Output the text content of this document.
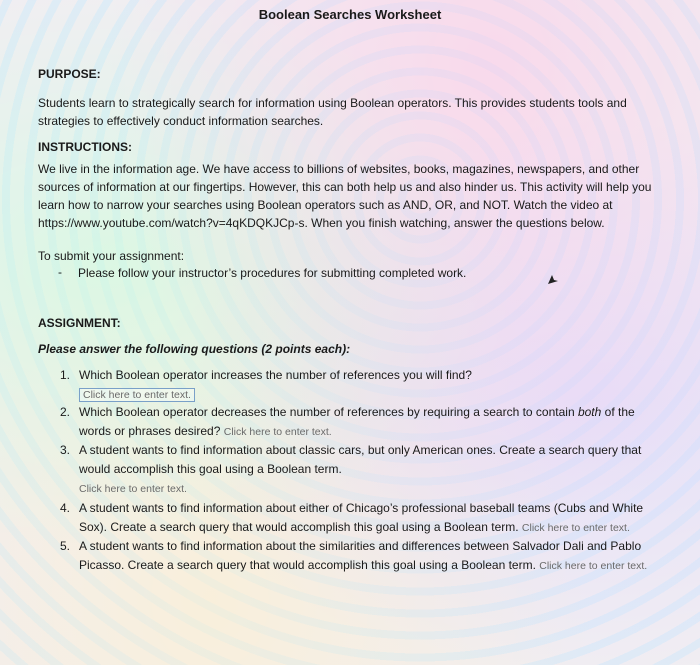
Boolean Searches Worksheet
PURPOSE:
Students learn to strategically search for information using Boolean operators. This provides students tools and
strategies to effectively conduct information searches.
INSTRUCTIONS:
We live in the information age. We have access to billions of websites, books, magazines, newspapers, and other
sources of information at our fingertips. However, this can both help us and also hinder us. This activity will help you
learn how to narrow your searches using Boolean operators such as AND, OR, and NOT. Watch the video at
https://www.youtube.com/watch?v=4qKDQKJCp-s. When you finish watching, answer the questions below.
To submit your assignment:
- Please follow your instructor’s procedures for submitting completed work.
ASSIGNMENT:
Please answer the following questions (2 points each):
1. Which Boolean operator increases the number of references you will find?
Click here to enter text.
2. Which Boolean operator decreases the number of references by requiring a search to contain both of the
words or phrases desired? Click here to enter text.
3. A student wants to find information about classic cars, but only American ones. Create a search query that
would accomplish this goal using a Boolean term.
Click here to enter text.
4. A student wants to find information about either of Chicago’s professional baseball teams (Cubs and White
Sox). Create a search query that would accomplish this goal using a Boolean term. Click here to enter text.
5. A student wants to find information about the similarities and differences between Salvador Dali and Pablo
Picasso. Create a search query that would accomplish this goal using a Boolean term. Click here to enter text.
